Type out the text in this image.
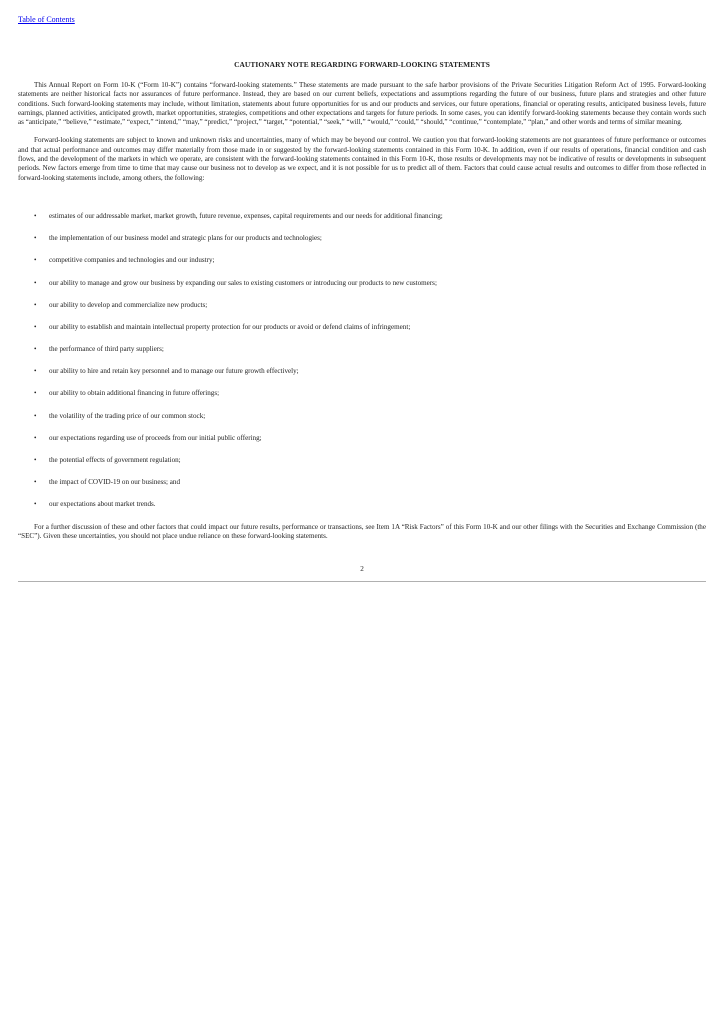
Table of Contents
CAUTIONARY NOTE REGARDING FORWARD-LOOKING STATEMENTS

This Annual Report on Form 10-K (“Form 10-K”) contains “forward-looking statements.” These statements are made pursuant to the safe harbor provisions of the Private Securities Litigation Reform Act of 1995. Forward-looking statements are neither historical facts nor assurances of future performance. Instead, they are based on our current beliefs, expectations and assumptions regarding the future of our business, future plans and strategies and other future conditions. Such forward-looking statements may include, without limitation, statements about future opportunities for us and our products and services, our future operations, financial or operating results, anticipated business levels, future earnings, planned activities, anticipated growth, market opportunities, strategies, competitions and other expectations and targets for future periods. In some cases, you can identify forward-looking statements because they contain words such as “anticipate,” “believe,” “estimate,” “expect,” “intend,” “may,” “predict,” “project,” “target,” “potential,” “seek,” “will,” “would,” “could,” “should,” “continue,” “contemplate,” “plan,” and other words and terms of similar meaning.

Forward-looking statements are subject to known and unknown risks and uncertainties, many of which may be beyond our control. We caution you that forward-looking statements are not guarantees of future performance or outcomes and that actual performance and outcomes may differ materially from those made in or suggested by the forward-looking statements contained in this Form 10-K. In addition, even if our results of operations, financial condition and cash flows, and the development of the markets in which we operate, are consistent with the forward-looking statements contained in this Form 10-K, those results or developments may not be indicative of results or developments in subsequent periods. New factors emerge from time to time that may cause our business not to develop as we expect, and it is not possible for us to predict all of them. Factors that could cause actual results and outcomes to differ from those reflected in forward-looking statements include, among others, the following:

• estimates of our addressable market, market growth, future revenue, expenses, capital requirements and our needs for additional financing;
• the implementation of our business model and strategic plans for our products and technologies;
• competitive companies and technologies and our industry;
• our ability to manage and grow our business by expanding our sales to existing customers or introducing our products to new customers;
• our ability to develop and commercialize new products;
• our ability to establish and maintain intellectual property protection for our products or avoid or defend claims of infringement;
• the performance of third party suppliers;
• our ability to hire and retain key personnel and to manage our future growth effectively;
• our ability to obtain additional financing in future offerings;
• the volatility of the trading price of our common stock;
• our expectations regarding use of proceeds from our initial public offering;
• the potential effects of government regulation;
• the impact of COVID-19 on our business; and
• our expectations about market trends.

For a further discussion of these and other factors that could impact our future results, performance or transactions, see Item 1A “Risk Factors” of this Form 10-K and our other filings with the Securities and Exchange Commission (the “SEC”). Given these uncertainties, you should not place undue reliance on these forward-looking statements.

2
